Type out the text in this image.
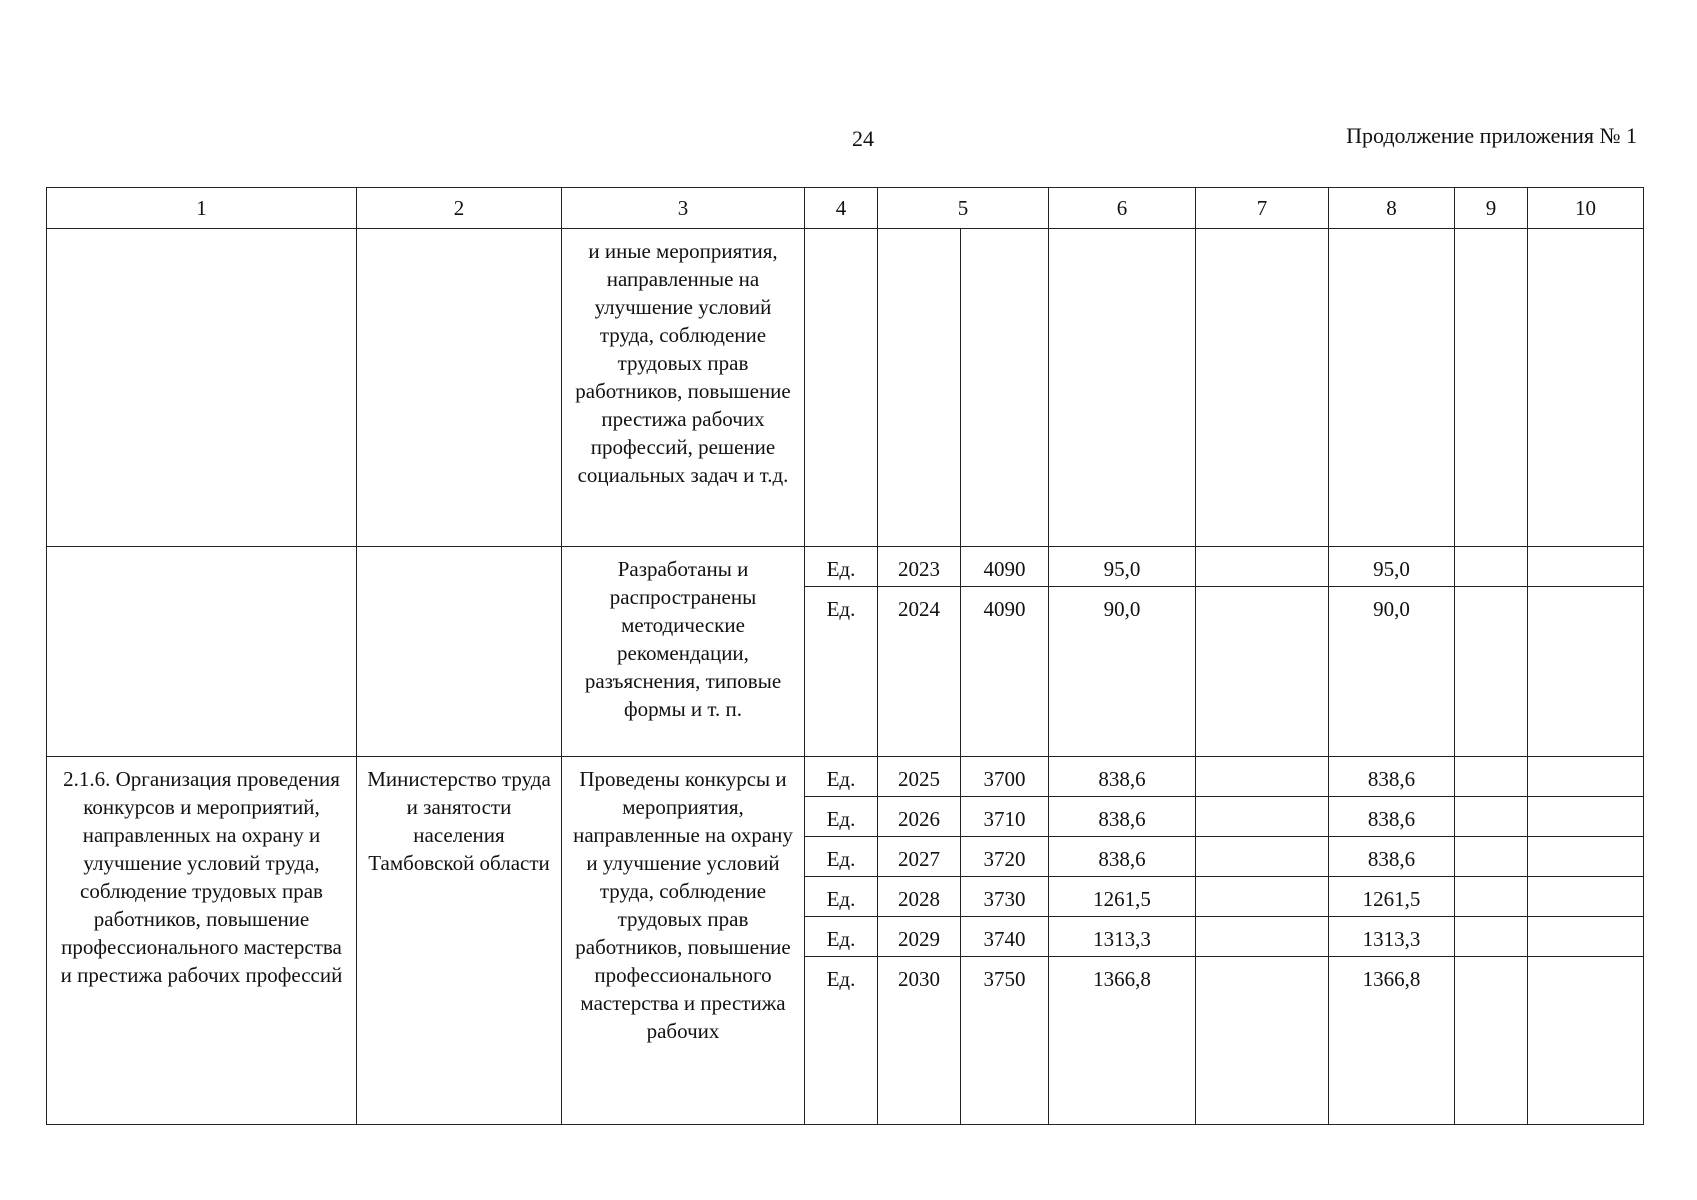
24	Продолжение приложения № 1
1	2	3	4	5		6	7	8	9	10
		и иные мероприятия, направленные на улучшение условий труда, соблюдение трудовых прав работников, повышение престижа рабочих профессий, решение социальных задач и т.д.								
		Разработаны и распространены методические рекомендации, разъяснения, типовые формы и т. п.	Ед.	2023	4090	95,0		95,0		
			Ед.	2024	4090	90,0		90,0		
2.1.6. Организация проведения конкурсов и мероприятий, направленных на охрану и улучшение условий труда, соблюдение трудовых прав работников, повышение профессионального мастерства и престижа рабочих профессий	Министерство труда и занятости населения Тамбовской области	Проведены конкурсы и мероприятия, направленные на охрану и улучшение условий труда, соблюдение трудовых прав работников, повышение профессионального мастерства и престижа рабочих	Ед.	2025	3700	838,6		838,6		
			Ед.	2026	3710	838,6		838,6		
			Ед.	2027	3720	838,6		838,6		
			Ед.	2028	3730	1261,5		1261,5		
			Ед.	2029	3740	1313,3		1313,3		
			Ед.	2030	3750	1366,8		1366,8		
